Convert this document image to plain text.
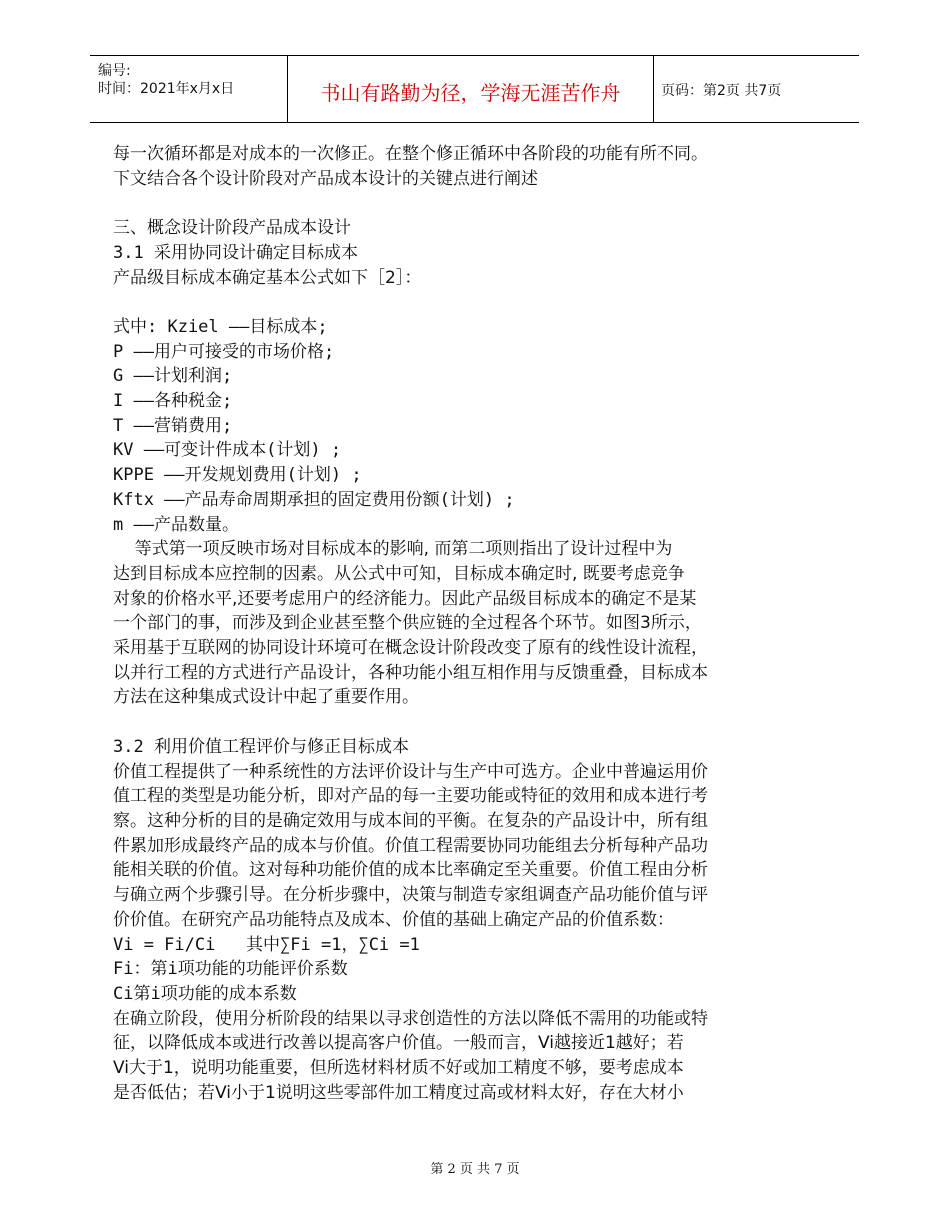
编号:
时间：2021年x月x日	书山有路勤为径，学海无涯苦作舟	页码：第2页 共7页
每一次循环都是对成本的一次修正。在整个修正循环中各阶段的功能有所不同。
下文结合各个设计阶段对产品成本设计的关键点进行阐述

三、概念设计阶段产品成本设计
3.1 采用协同设计确定目标成本
产品级目标成本确定基本公式如下［2］：

式中: Kziel ——目标成本;
P ——用户可接受的市场价格;
G ——计划利润;
I ——各种税金;
T ——营销费用;
KV ——可变计件成本(计划) ;
KPPE ——开发规划费用(计划) ;
Kftx ——产品寿命周期承担的固定费用份额(计划) ;
m ——产品数量。
等式第一项反映市场对目标成本的影响, 而第二项则指出了设计过程中为
达到目标成本应控制的因素。从公式中可知，目标成本确定时, 既要考虑竞争
对象的价格水平,还要考虑用户的经济能力。因此产品级目标成本的确定不是某
一个部门的事，而涉及到企业甚至整个供应链的全过程各个环节。如图3所示，
采用基于互联网的协同设计环境可在概念设计阶段改变了原有的线性设计流程，
以并行工程的方式进行产品设计，各种功能小组互相作用与反馈重叠，目标成本
方法在这种集成式设计中起了重要作用。

3.2 利用价值工程评价与修正目标成本
价值工程提供了一种系统性的方法评价设计与生产中可选方。企业中普遍运用价
值工程的类型是功能分析，即对产品的每一主要功能或特征的效用和成本进行考
察。这种分析的目的是确定效用与成本间的平衡。在复杂的产品设计中，所有组
件累加形成最终产品的成本与价值。价值工程需要协同功能组去分析每种产品功
能相关联的价值。这对每种功能价值的成本比率确定至关重要。价值工程由分析
与确立两个步骤引导。在分析步骤中，决策与制造专家组调查产品功能价值与评
价价值。在研究产品功能特点及成本、价值的基础上确定产品的价值系数：
Vi = Fi/Ci   其中∑Fi =1，∑Ci =1
Fi：第i项功能的功能评价系数
Ci第i项功能的成本系数
在确立阶段，使用分析阶段的结果以寻求创造性的方法以降低不需用的功能或特
征，以降低成本或进行改善以提高客户价值。一般而言，Vi越接近1越好；若
Vi大于1，说明功能重要，但所选材料材质不好或加工精度不够，要考虑成本
是否低估；若Vi小于1说明这些零部件加工精度过高或材料太好，存在大材小
第 2 页 共 7 页
